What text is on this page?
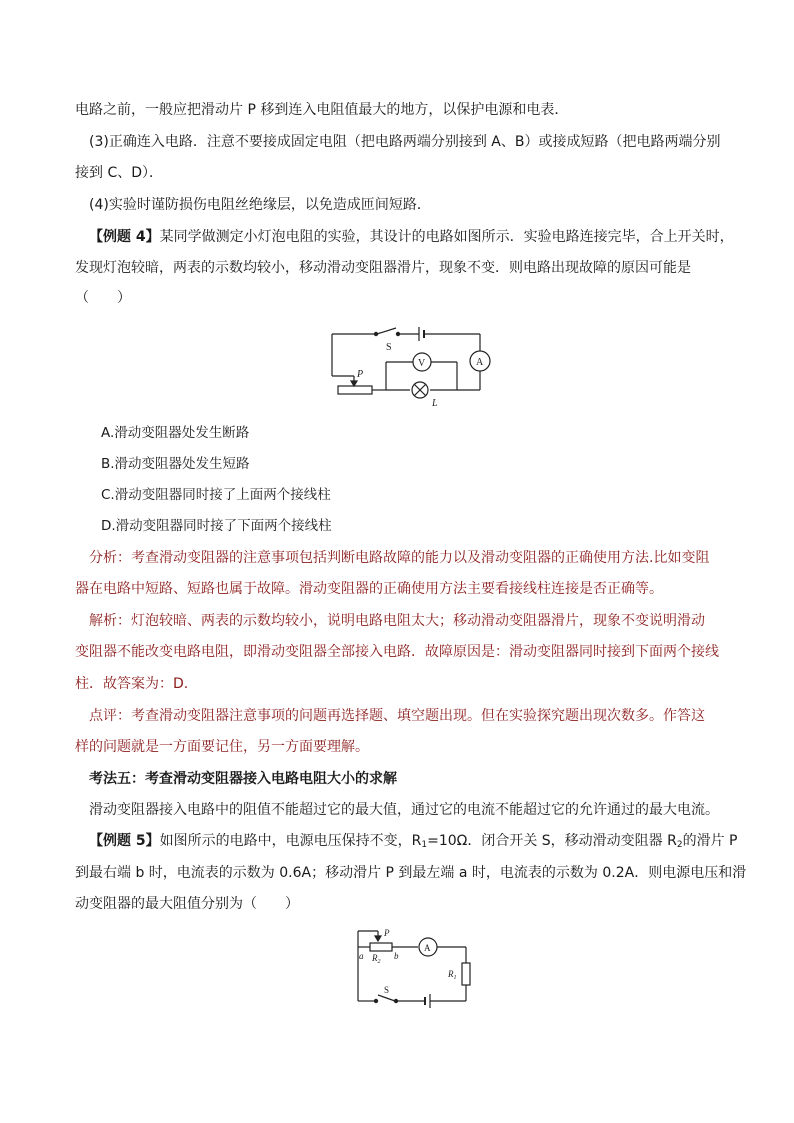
电路之前，一般应把滑动片 P 移到连入电阻值最大的地方，以保护电源和电表．
(3)正确连入电路．注意不要接成固定电阻（把电路两端分别接到 A、B）或接成短路（把电路两端分别
接到 C、D）．
(4)实验时谨防损伤电阻丝绝缘层，以免造成匝间短路．
【例题 4】某同学做测定小灯泡电阻的实验，其设计的电路如图所示．实验电路连接完毕，合上开关时，
发现灯泡较暗，两表的示数均较小，移动滑动变阻器滑片，现象不变．则电路出现故障的原因可能是
（　　）
S
V	A
P
L
A.滑动变阻器处发生断路
B.滑动变阻器处发生短路
C.滑动变阻器同时接了上面两个接线柱
D.滑动变阻器同时接了下面两个接线柱
分析：考查滑动变阻器的注意事项包括判断电路故障的能力以及滑动变阻器的正确使用方法.比如变阻
器在电路中短路、短路也属于故障。滑动变阻器的正确使用方法主要看接线柱连接是否正确等。
解析：灯泡较暗、两表的示数均较小，说明电路电阻太大；移动滑动变阻器滑片，现象不变说明滑动
变阻器不能改变电路电阻，即滑动变阻器全部接入电路．故障原因是：滑动变阻器同时接到下面两个接线
柱．故答案为：D.
点评：考查滑动变阻器注意事项的问题再选择题、填空题出现。但在实验探究题出现次数多。作答这
样的问题就是一方面要记住，另一方面要理解。
考法五：考查滑动变阻器接入电路电阻大小的求解
滑动变阻器接入电路中的阻值不能超过它的最大值，通过它的电流不能超过它的允许通过的最大电流。
【例题 5】如图所示的电路中，电源电压保持不变，$R_1=10\Omega$．闭合开关 S，移动滑动变阻器 $R_2$的滑片 P
到最右端 b 时，电流表的示数为 0.6A；移动滑片 P 到最左端 a 时，电流表的示数为 0.2A．则电源电压和滑
动变阻器的最大阻值分别为（　　）
P
a $R_2$
b
A
$R_1$
S
